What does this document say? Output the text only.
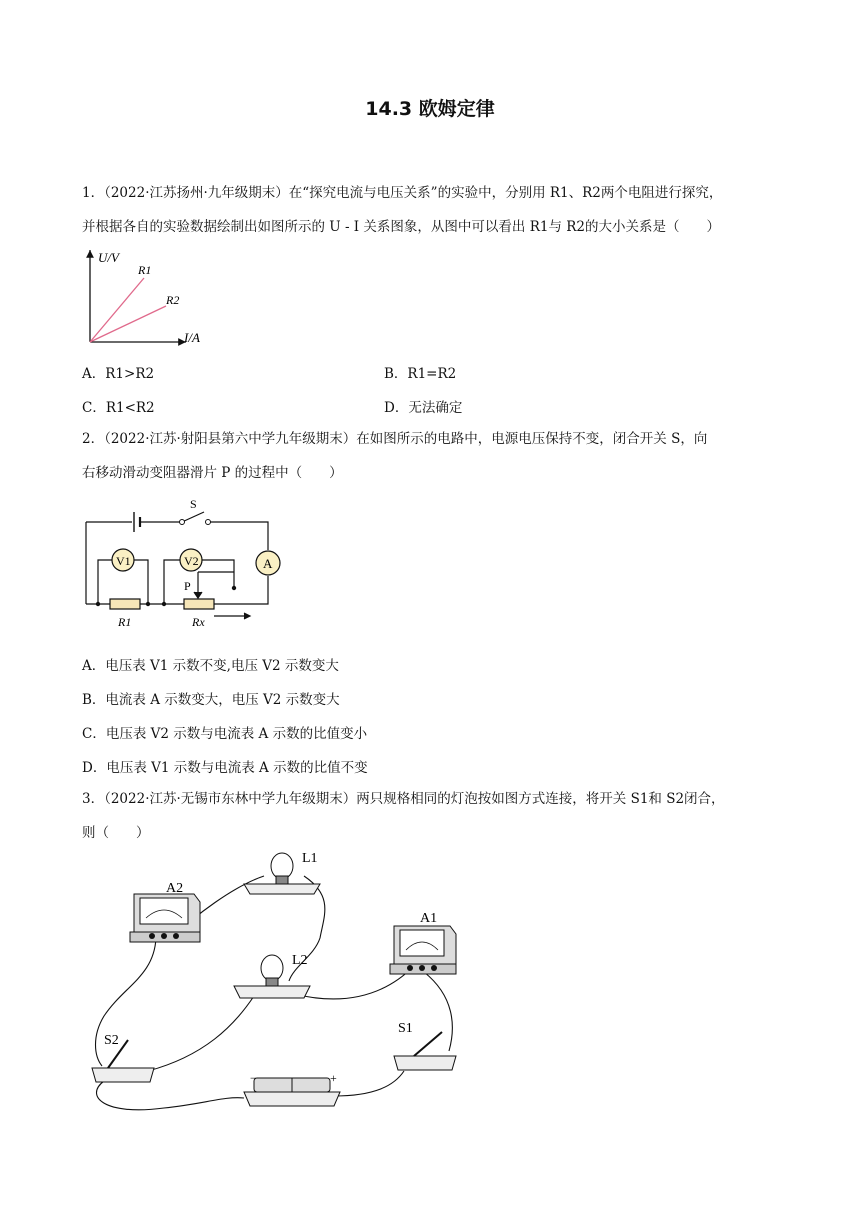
14.3 欧姆定律
1．（2022·江苏扬州·九年级期末）在“探究电流与电压关系”的实验中，分别用 R1、R2两个电阻进行探究，
并根据各自的实验数据绘制出如图所示的 U - I 关系图象，从图中可以看出 R1与 R2的大小关系是（　　）
U/V
I/A
R1
R2
A．R1>R2	B．R1=R2
C．R1<R2	D．无法确定
2．（2022·江苏·射阳县第六中学九年级期末）在如图所示的电路中，电源电压保持不变，闭合开关 S，向
右移动滑动变阻器滑片 P 的过程中（　　）
S
V1	V2	A
P
R1	Rx
A．电压表 V1 示数不变,电压 V2 示数变大
B．电流表 A 示数变大，电压 V2 示数变大
C．电压表 V2 示数与电流表 A 示数的比值变小
D．电压表 V1 示数与电流表 A 示数的比值不变
3．（2022·江苏·无锡市东林中学九年级期末）两只规格相同的灯泡按如图方式连接，将开关 S1和 S2闭合，
则（　　）
A2
L1
L2
A1
S2
S1
−	+
